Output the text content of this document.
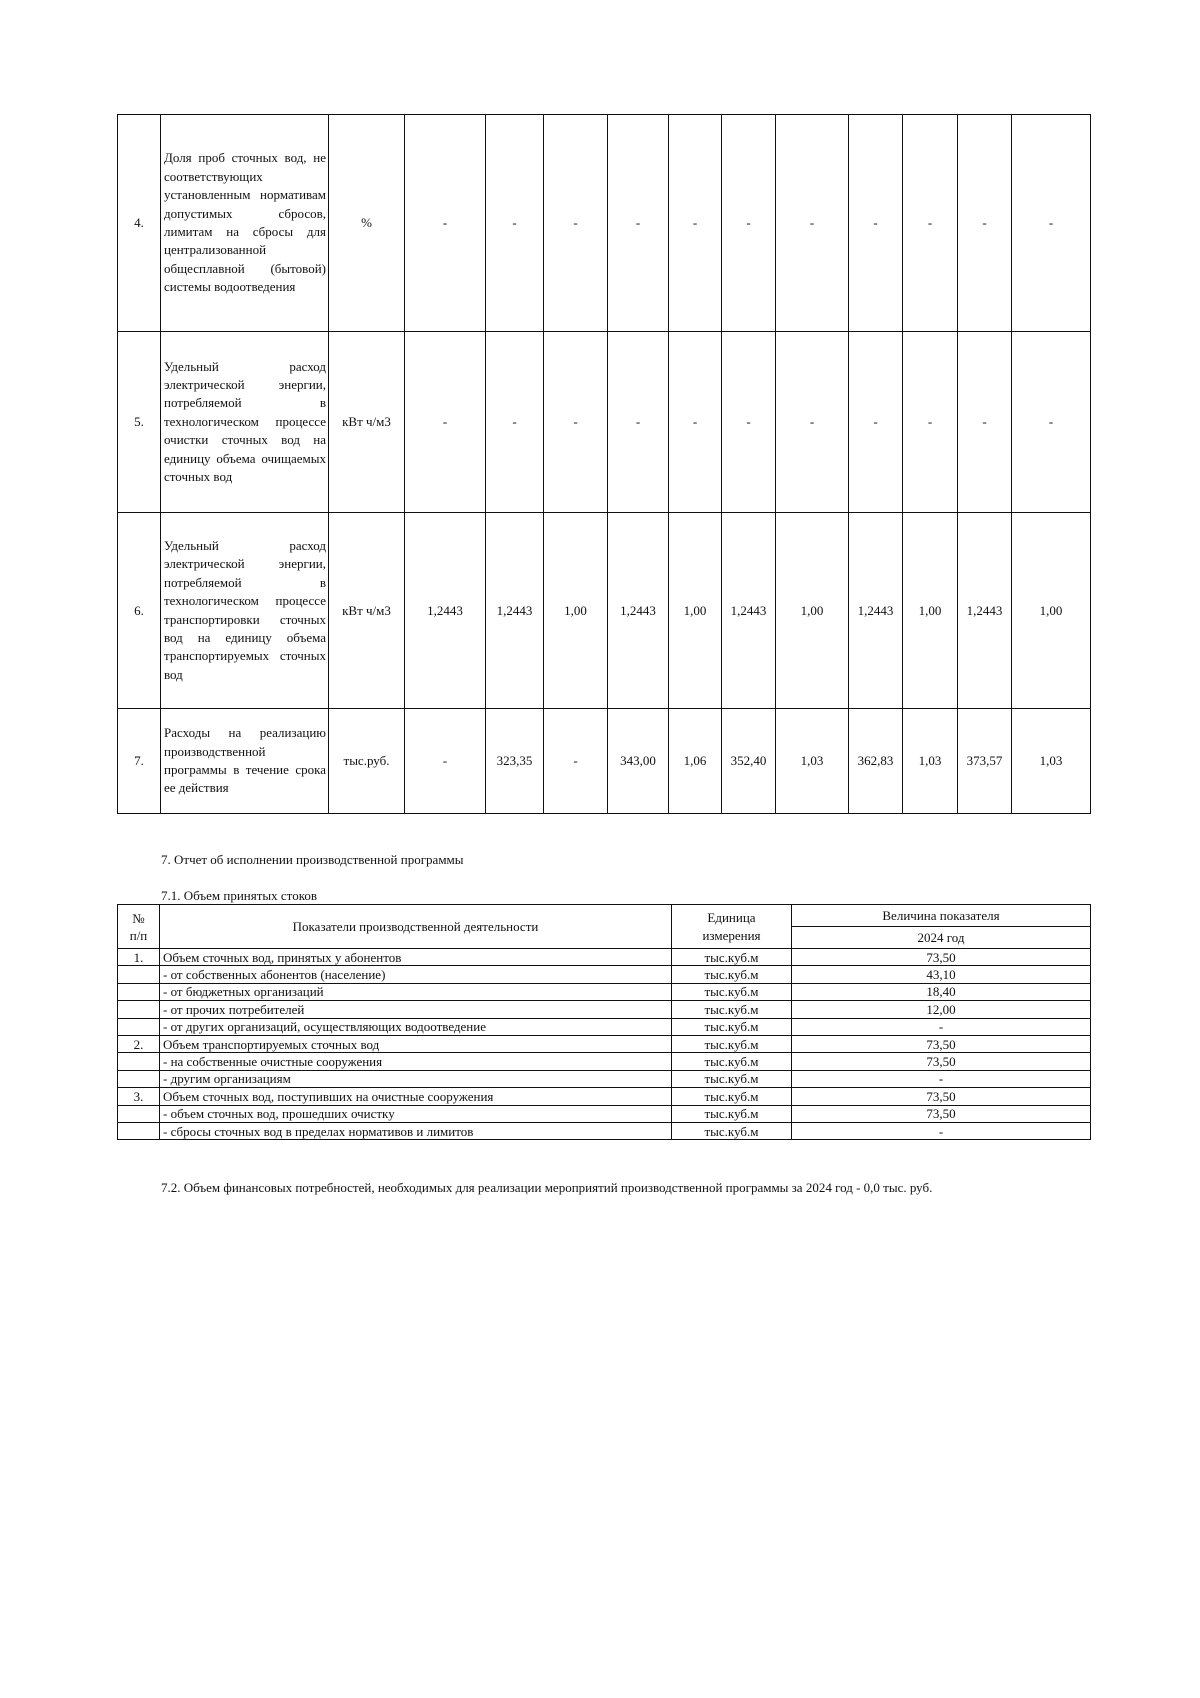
4.	Доля проб сточных вод, не соответствующих установленным нормативам допустимых сбросов, лимитам на сбросы для централизованной общесплавной (бытовой) системы водоотведения	%	-	-	-	-	-	-	-	-	-	-	-
5.	Удельный расход электрической энергии, потребляемой в технологическом процессе очистки сточных вод на единицу объема очищаемых сточных вод	кВт ч/м3	-	-	-	-	-	-	-	-	-	-	-
6.	Удельный расход электрической энергии, потребляемой в технологическом процессе транспортировки сточных вод на единицу объема транспортируемых сточных вод	кВт ч/м3	1,2443	1,2443	1,00	1,2443	1,00	1,2443	1,00	1,2443	1,00	1,2443	1,00
7.	Расходы на реализацию производственной программы в течение срока ее действия	тыс.руб.	-	323,35	-	343,00	1,06	352,40	1,03	362,83	1,03	373,57	1,03
7. Отчет об исполнении производственной программы
7.1. Объем принятых стоков
№ п/п	Показатели производственной деятельности	Единица измерения	Величина показателя
			2024 год
1.	Объем сточных вод, принятых у абонентов	тыс.куб.м	73,50
	- от собственных абонентов (население)	тыс.куб.м	43,10
	- от бюджетных организаций	тыс.куб.м	18,40
	- от прочих потребителей	тыс.куб.м	12,00
	- от других организаций, осуществляющих водоотведение	тыс.куб.м	-
2.	Объем транспортируемых сточных вод	тыс.куб.м	73,50
	- на собственные очистные сооружения	тыс.куб.м	73,50
	- другим организациям	тыс.куб.м	-
3.	Объем сточных вод, поступивших на очистные сооружения	тыс.куб.м	73,50
	- объем сточных вод, прошедших очистку	тыс.куб.м	73,50
	- сбросы сточных вод в пределах нормативов и лимитов	тыс.куб.м	-
7.2. Объем финансовых потребностей, необходимых для реализации мероприятий производственной программы за 2024 год - 0,0 тыс. руб.
